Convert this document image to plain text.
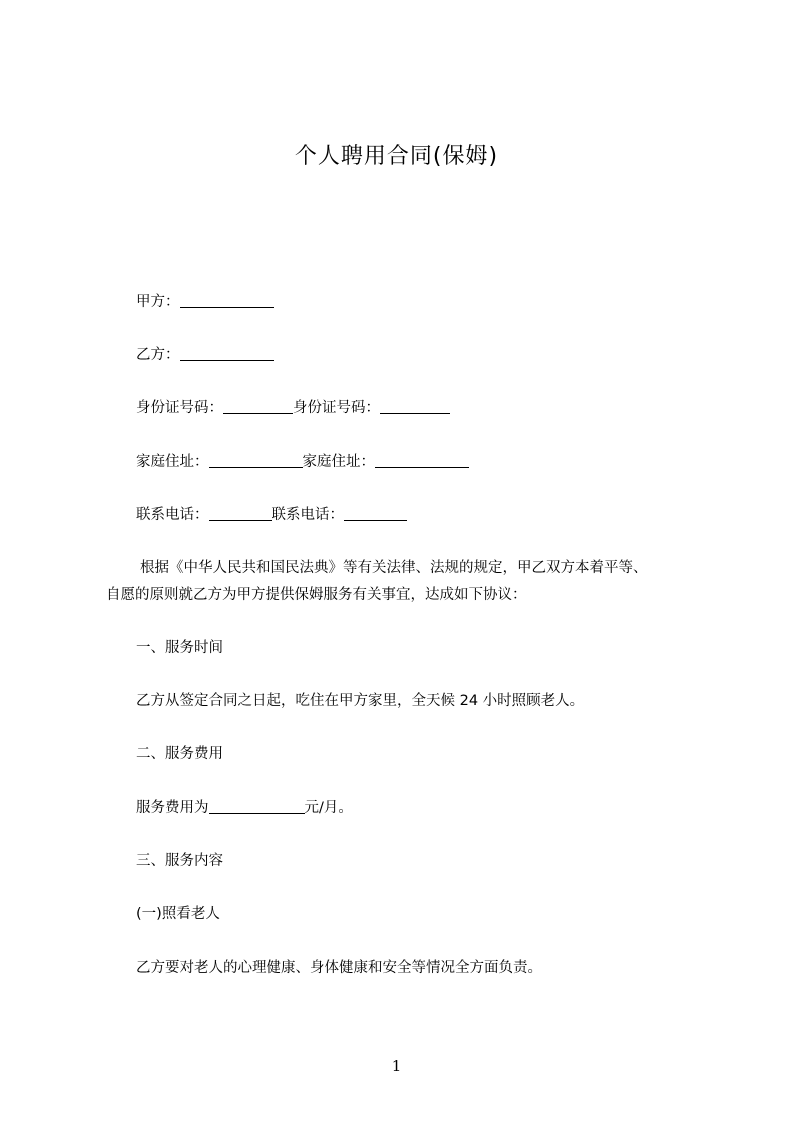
个人聘用合同(保姆)
甲方：
乙方：
身份证号码：	身份证号码：
家庭住址：	家庭住址：
联系电话：	联系电话：
根据《中华人民共和国民法典》等有关法律、法规的规定，甲乙双方本着平等、
自愿的原则就乙方为甲方提供保姆服务有关事宜，达成如下协议：
一、服务时间
乙方从签定合同之日起，吃住在甲方家里，全天候 24 小时照顾老人。
二、服务费用
服务费用为	元/月。
三、服务内容
(一)照看老人
乙方要对老人的心理健康、身体健康和安全等情况全方面负责。
1
